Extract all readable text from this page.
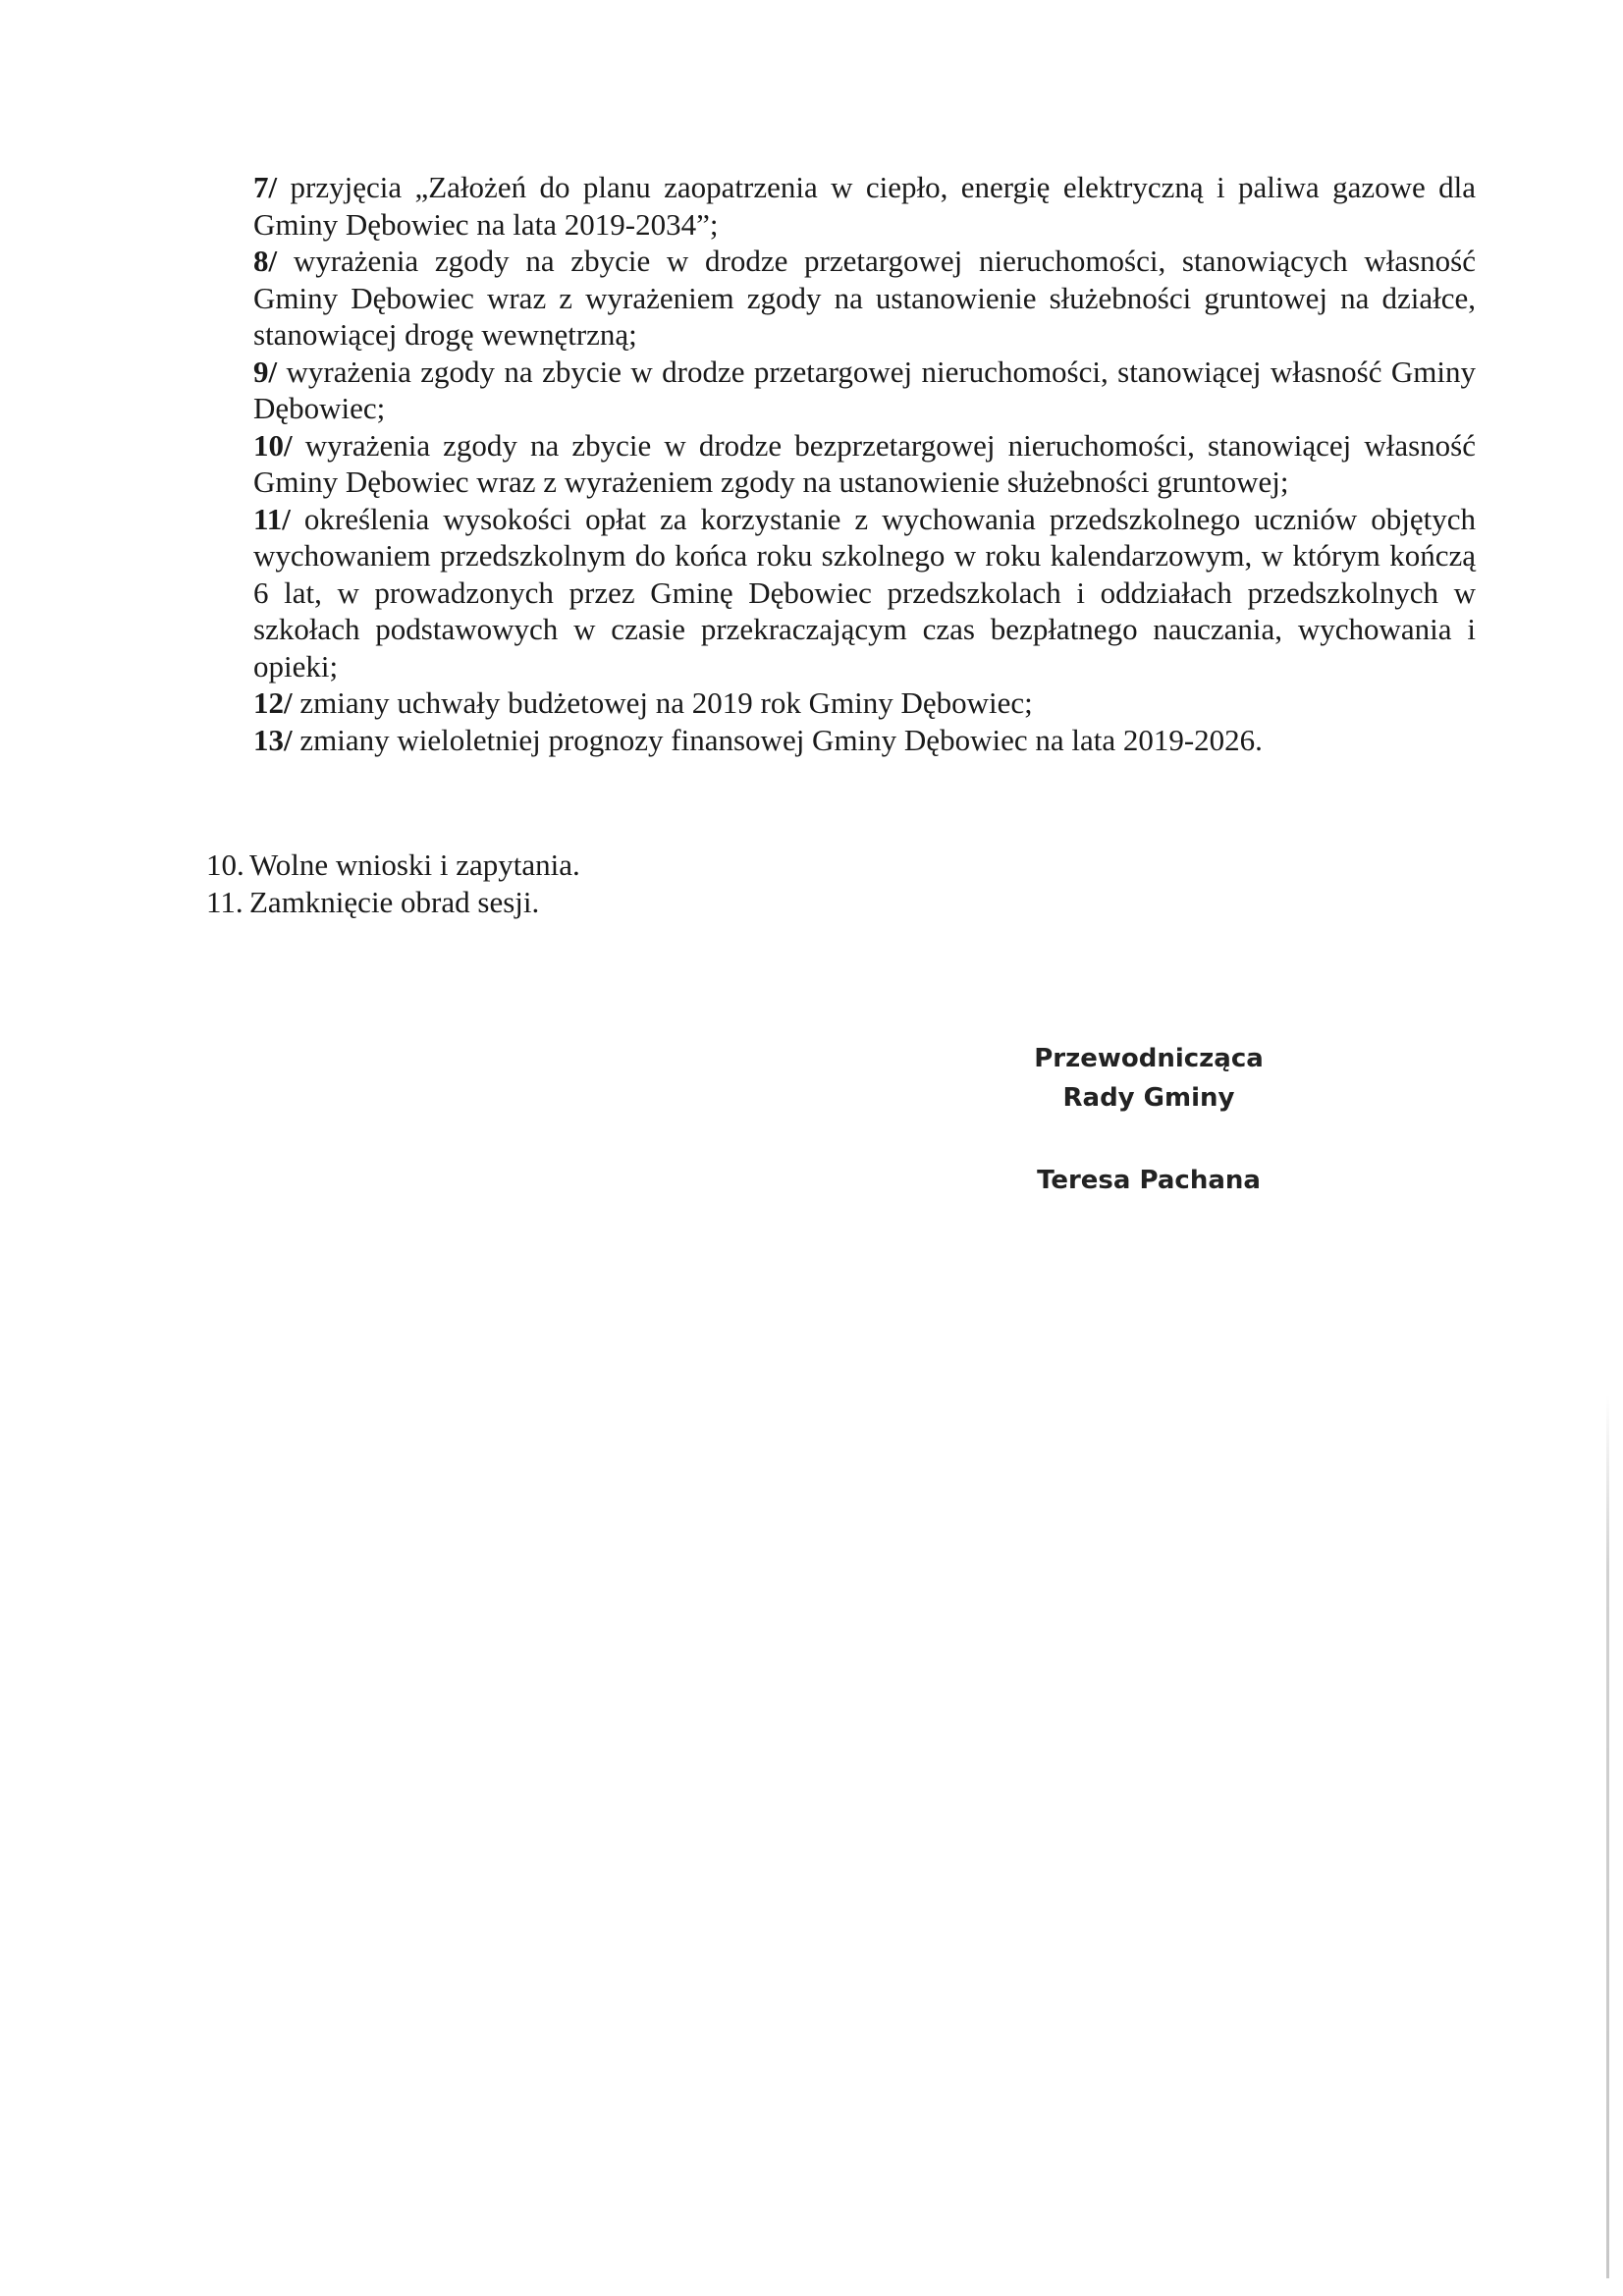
7/ przyjęcia „Założeń do planu zaopatrzenia w ciepło, energię elektryczną i paliwa gazowe dla Gminy Dębowiec na lata 2019-2034”;

8/ wyrażenia zgody na zbycie w drodze przetargowej nieruchomości, stanowiących własność Gminy Dębowiec wraz z wyrażeniem zgody na ustanowienie służebności gruntowej na działce, stanowiącej drogę wewnętrzną;

9/ wyrażenia zgody na zbycie w drodze przetargowej nieruchomości, stanowiącej własność Gminy Dębowiec;

10/ wyrażenia zgody na zbycie w drodze bezprzetargowej nieruchomości, stanowiącej własność Gminy Dębowiec wraz z wyrażeniem zgody na ustanowienie służebności gruntowej;

11/ określenia wysokości opłat za korzystanie z wychowania przedszkolnego uczniów objętych wychowaniem przedszkolnym do końca roku szkolnego w roku kalendarzowym, w którym kończą 6 lat, w prowadzonych przez Gminę Dębowiec przedszkolach i oddziałach przedszkolnych w szkołach podstawowych w czasie przekraczającym czas bezpłatnego nauczania, wychowania i opieki;

12/ zmiany uchwały budżetowej na 2019 rok Gminy Dębowiec;

13/ zmiany wieloletniej prognozy finansowej Gminy Dębowiec na lata 2019-2026.

10. Wolne wnioski i zapytania.
11. Zamknięcie obrad sesji.
Przewodnicząca
Rady Gminy
Teresa Pachana
